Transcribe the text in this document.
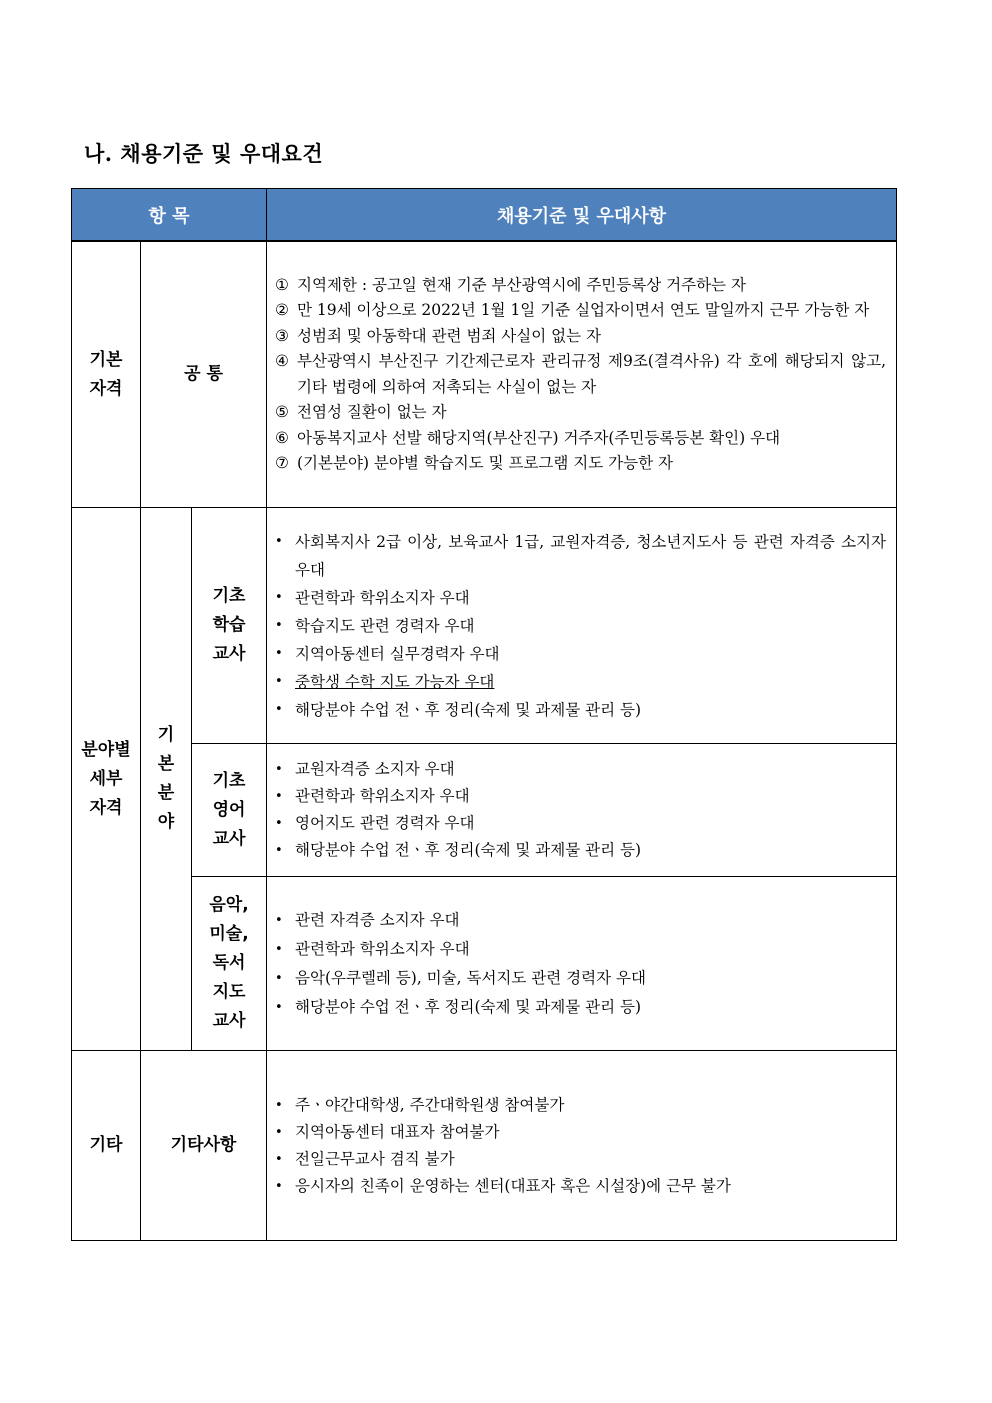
나. 채용기준 및 우대요건
항 목	채용기준 및 우대사항
기본
자격
공 통
① 지역제한 : 공고일 현재 기준 부산광역시에 주민등록상 거주하는 자
② 만 19세 이상으로 2022년 1월 1일 기준 실업자이면서 연도 말일까지 근무 가능한 자
③ 성범죄 및 아동학대 관련 범죄 사실이 없는 자
④ 부산광역시 부산진구 기간제근로자 관리규정 제9조(결격사유) 각 호에 해당되지 않고, 기타 법령에 의하여 저촉되는 사실이 없는 자
⑤ 전염성 질환이 없는 자
⑥ 아동복지교사 선발 해당지역(부산진구) 거주자(주민등록등본 확인) 우대
⑦ (기본분야) 분야별 학습지도 및 프로그램 지도 가능한 자
분야별
세부
자격
기
본
분
야
기초
학습
교사
• 사회복지사 2급 이상, 보육교사 1급, 교원자격증, 청소년지도사 등 관련 자격증 소지자 우대
• 관련학과 학위소지자 우대
• 학습지도 관련 경력자 우대
• 지역아동센터 실무경력자 우대
• 중학생 수학 지도 가능자 우대
• 해당분야 수업 전ㆍ후 정리(숙제 및 과제물 관리 등)
기초
영어
교사
• 교원자격증 소지자 우대
• 관련학과 학위소지자 우대
• 영어지도 관련 경력자 우대
• 해당분야 수업 전ㆍ후 정리(숙제 및 과제물 관리 등)
음악,
미술,
독서
지도
교사
• 관련 자격증 소지자 우대
• 관련학과 학위소지자 우대
• 음악(우쿠렐레 등), 미술, 독서지도 관련 경력자 우대
• 해당분야 수업 전ㆍ후 정리(숙제 및 과제물 관리 등)
기타	기타사항
• 주ㆍ야간대학생, 주간대학원생 참여불가
• 지역아동센터 대표자 참여불가
• 전일근무교사 겸직 불가
• 응시자의 친족이 운영하는 센터(대표자 혹은 시설장)에 근무 불가
